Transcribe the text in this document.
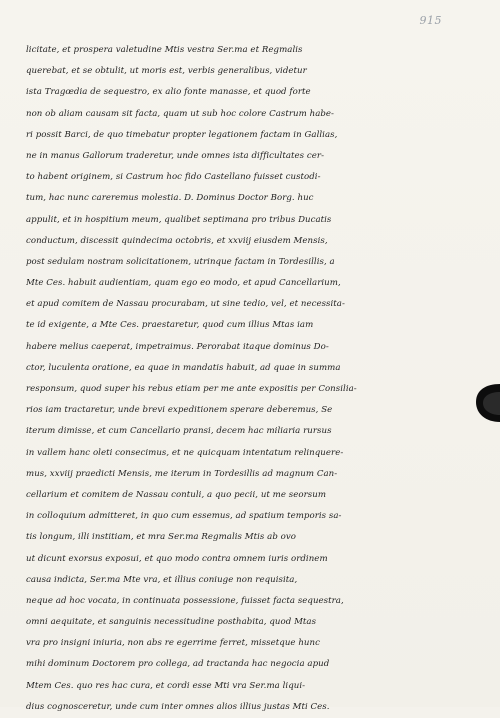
915
licitate, et prospera valetudine Mtis vestra Ser.ma et Regmalis
querebat, et se obtulit, ut moris est, verbis generalibus, videtur
ista Tragœdia de sequestro, ex alio fonte manasse, et quod forte
non ob aliam causam sit facta, quam ut sub hoc colore Castrum habe-
ri possit Barci, de quo timebatur propter legationem factam in Gallias,
ne in manus Gallorum traderetur, unde omnes ista difficultates cer-
to habent originem, si Castrum hoc fido Castellano fuisset custodi-
tum, hac nunc careremus molestia. D. Dominus Doctor Borg. huc
appulit, et in hospitium meum, qualibet septimana pro tribus Ducatis
conductum, discessit quindecima octobris, et xxviij eiusdem Mensis,
post sedulam nostram solicitationem, utrinque factam in Tordesillis, a
Mte Ces. habuit audientiam, quam ego eo modo, et apud Cancellarium,
et apud comitem de Nassau procurabam, ut sine tedio, vel, et necessita-
te id exigente, a Mte Ces. praestaretur, quod cum illius Mtas iam
habere melius caeperat, impetraimus. Perorabat itaque dominus Do-
ctor, luculenta oratione, ea quae in mandatis habuit, ad quae in summa
responsum, quod super his rebus etiam per me ante expositis per Consilia-
rios iam tractaretur, unde brevi expeditionem sperare deberemus, Se
iterum dimisse, et cum Cancellario pransi, decem hac miliaria rursus
in vallem hanc oleti consecimus, et ne quicquam intentatum relinquere-
mus, xxviij praedicti Mensis, me iterum in Tordesillis ad magnum Can-
cellarium et comitem de Nassau contuli, a quo pecii, ut me seorsum
in colloquium admitteret, in quo cum essemus, ad spatium temporis sa-
tis longum, illi institiam, et mra Ser.ma Regmalis Mtis ab ovo
ut dicunt exorsus exposui, et quo modo contra omnem iuris ordinem
causa indicta, Ser.ma Mte vra, et illius coniuge non requisita,
neque ad hoc vocata, in continuata possessione, fuisset facta sequestra,
omni aequitate, et sanguinis necessitudine posthabita, quod Mtas
vra pro insigni iniuria, non abs re egerrime ferret, missetque hunc
mihi dominum Doctorem pro collega, ad tractanda hac negocia apud
Mtem Ces. quo res hac cura, et cordi esse Mti vra Ser.ma liqui-
dius cognosceretur, unde cum inter omnes alios illius justas Mti Ces.
